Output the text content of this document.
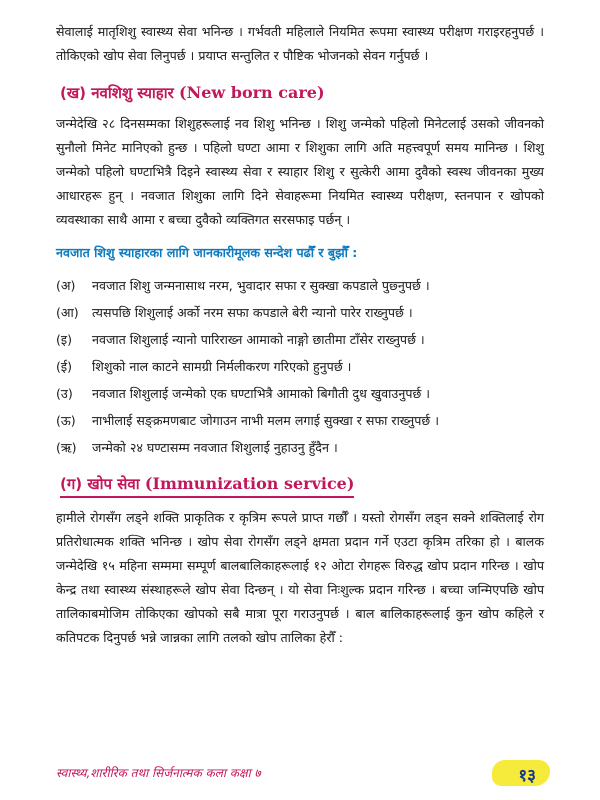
सेवालाई मातृशिशु स्वास्थ्य सेवा भनिन्छ । गर्भवती महिलाले नियमित रूपमा स्वास्थ्य परीक्षण गराइरहनुपर्छ । तोकिएको खोप सेवा लिनुपर्छ । प्रयाप्त सन्तुलित र पौष्टिक भोजनको सेवन गर्नुपर्छ ।

(ख) नवशिशु स्याहार (New born care)

जन्मेदेखि २८ दिनसम्मका शिशुहरूलाई नव शिशु भनिन्छ । शिशु जन्मेको पहिलो मिनेटलाई उसको जीवनको सुनौलो मिनेट मानिएको हुन्छ । पहिलो घण्टा आमा र शिशुका लागि अति महत्त्वपूर्ण समय मानिन्छ । शिशु जन्मेको पहिलो घण्टाभित्रै दिइने स्वास्थ्य सेवा र स्याहार शिशु र सुत्केरी आमा दुवैको स्वस्थ जीवनका मुख्य आधारहरू हुन् । नवजात शिशुका लागि दिने सेवाहरूमा नियमित स्वास्थ्य परीक्षण, स्तनपान र खोपको व्यवस्थाका साथै आमा र बच्चा दुवैको व्यक्तिगत सरसफाइ पर्छन् ।

नवजात शिशु स्याहारका लागि जानकारीमूलक सन्देश पढौँ र बुझौँ :
(अ)	नवजात शिशु जन्मनासाथ नरम, भुवादार सफा र सुक्खा कपडाले पुछ्नुपर्छ ।
(आ)	त्यसपछि शिशुलाई अर्को नरम सफा कपडाले बेरी न्यानो पारेर राख्नुपर्छ ।
(इ)	नवजात शिशुलाई न्यानो पारिराख्न आमाको नाङ्गो छातीमा टाँसेर राख्नुपर्छ ।
(ई)	शिशुको नाल काटने सामग्री निर्मलीकरण गरिएको हुनुपर्छ ।
(उ)	नवजात शिशुलाई जन्मेको एक घण्टाभित्रै आमाको बिगौती दुध खुवाउनुपर्छ ।
(ऊ)	नाभीलाई सङ्क्रमणबाट जोगाउन नाभी मलम लगाई सुक्खा र सफा राख्नुपर्छ ।
(ऋ)	जन्मेको २४ घण्टासम्म नवजात शिशुलाई नुहाउनु हुँदैन ।
(ग) खोप सेवा (Immunization service)

हामीले रोगसँग लड्ने शक्ति प्राकृतिक र कृत्रिम रूपले प्राप्त गर्छौँ । यस्तो रोगसँग लड्न सक्ने शक्तिलाई रोग प्रतिरोधात्मक शक्ति भनिन्छ । खोप सेवा रोगसँग लड्ने क्षमता प्रदान गर्ने एउटा कृत्रिम तरिका हो । बालक जन्मेदेखि १५ महिना सम्ममा सम्पूर्ण बालबालिकाहरूलाई १२ ओटा रोगहरू विरुद्ध खोप प्रदान गरिन्छ । खोप केन्द्र तथा स्वास्थ्य संस्थाहरूले खोप सेवा दिन्छन् । यो सेवा निःशुल्क प्रदान गरिन्छ । बच्चा जन्मिएपछि खोप तालिकाबमोजिम तोकिएका खोपको सबै मात्रा पूरा गराउनुपर्छ । बाल बालिकाहरूलाई कुन खोप कहिले र कतिपटक दिनुपर्छ भन्ने जान्नका लागि तलको खोप तालिका हेरौँ :

स्वास्थ्य,शारीरिक तथा सिर्जनात्मक कला कक्षा ७	१३
